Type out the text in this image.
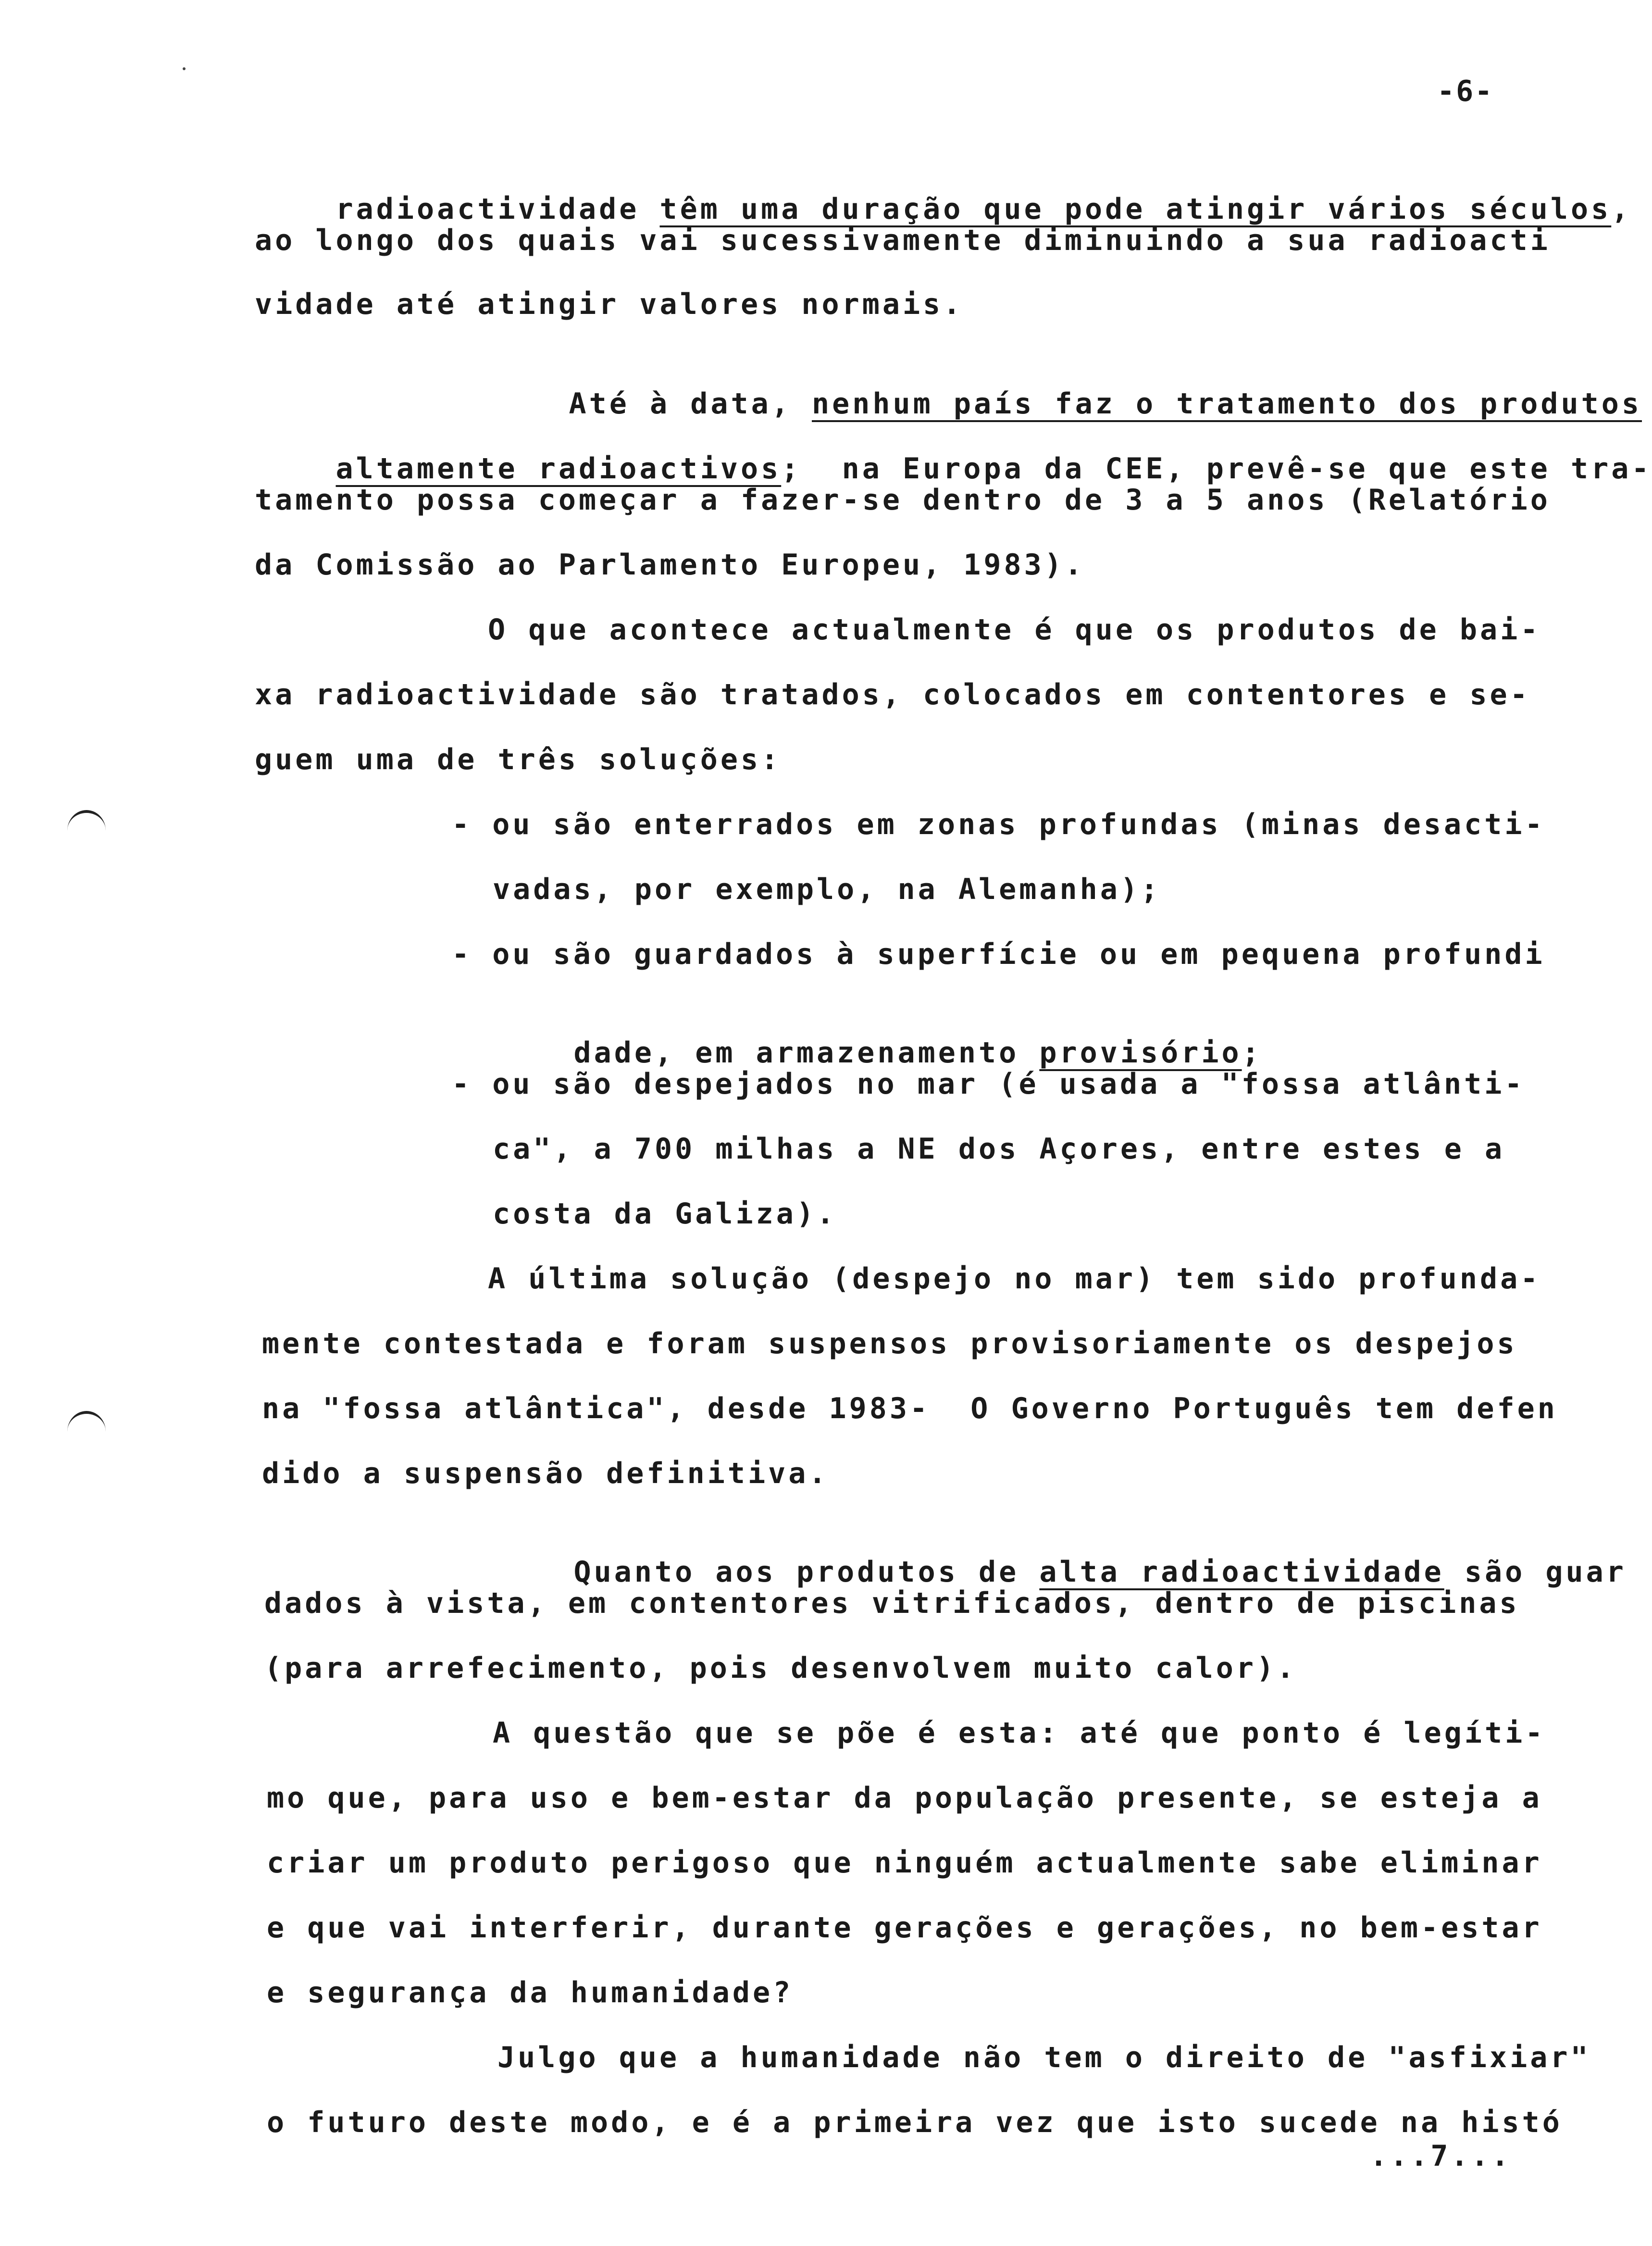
-6-

radioactividade têm uma duração que pode atingir vários séculos,

ao longo dos quais vai sucessivamente diminuindo a sua radioacti
vidade até atingir valores normais.

Até à data, nenhum país faz o tratamento dos produtos

altamente radioactivos;  na Europa da CEE, prevê-se que este tra-

tamento possa começar a fazer-se dentro de 3 a 5 anos (Relatório
da Comissão ao Parlamento Europeu, 1983).
O que acontece actualmente é que os produtos de bai-
xa radioactividade são tratados, colocados em contentores e se-
guem uma de três soluções:
- ou são enterrados em zonas profundas (minas desacti-
vadas, por exemplo, na Alemanha);
- ou são guardados à superfície ou em pequena profundi

dade, em armazenamento provisório;

- ou são despejados no mar (é usada a "fossa atlânti-
ca", a 700 milhas a NE dos Açores, entre estes e a
costa da Galiza).
A última solução (despejo no mar) tem sido profunda-
mente contestada e foram suspensos provisoriamente os despejos
na "fossa atlântica", desde 1983-  O Governo Português tem defen
dido a suspensão definitiva.

Quanto aos produtos de alta radioactividade são guar

dados à vista, em contentores vitrificados, dentro de piscinas
(para arrefecimento, pois desenvolvem muito calor).
A questão que se põe é esta: até que ponto é legíti-
mo que, para uso e bem-estar da população presente, se esteja a
criar um produto perigoso que ninguém actualmente sabe eliminar
e que vai interferir, durante gerações e gerações, no bem-estar
e segurança da humanidade?
Julgo que a humanidade não tem o direito de "asfixiar"
o futuro deste modo, e é a primeira vez que isto sucede na histó
...7...
